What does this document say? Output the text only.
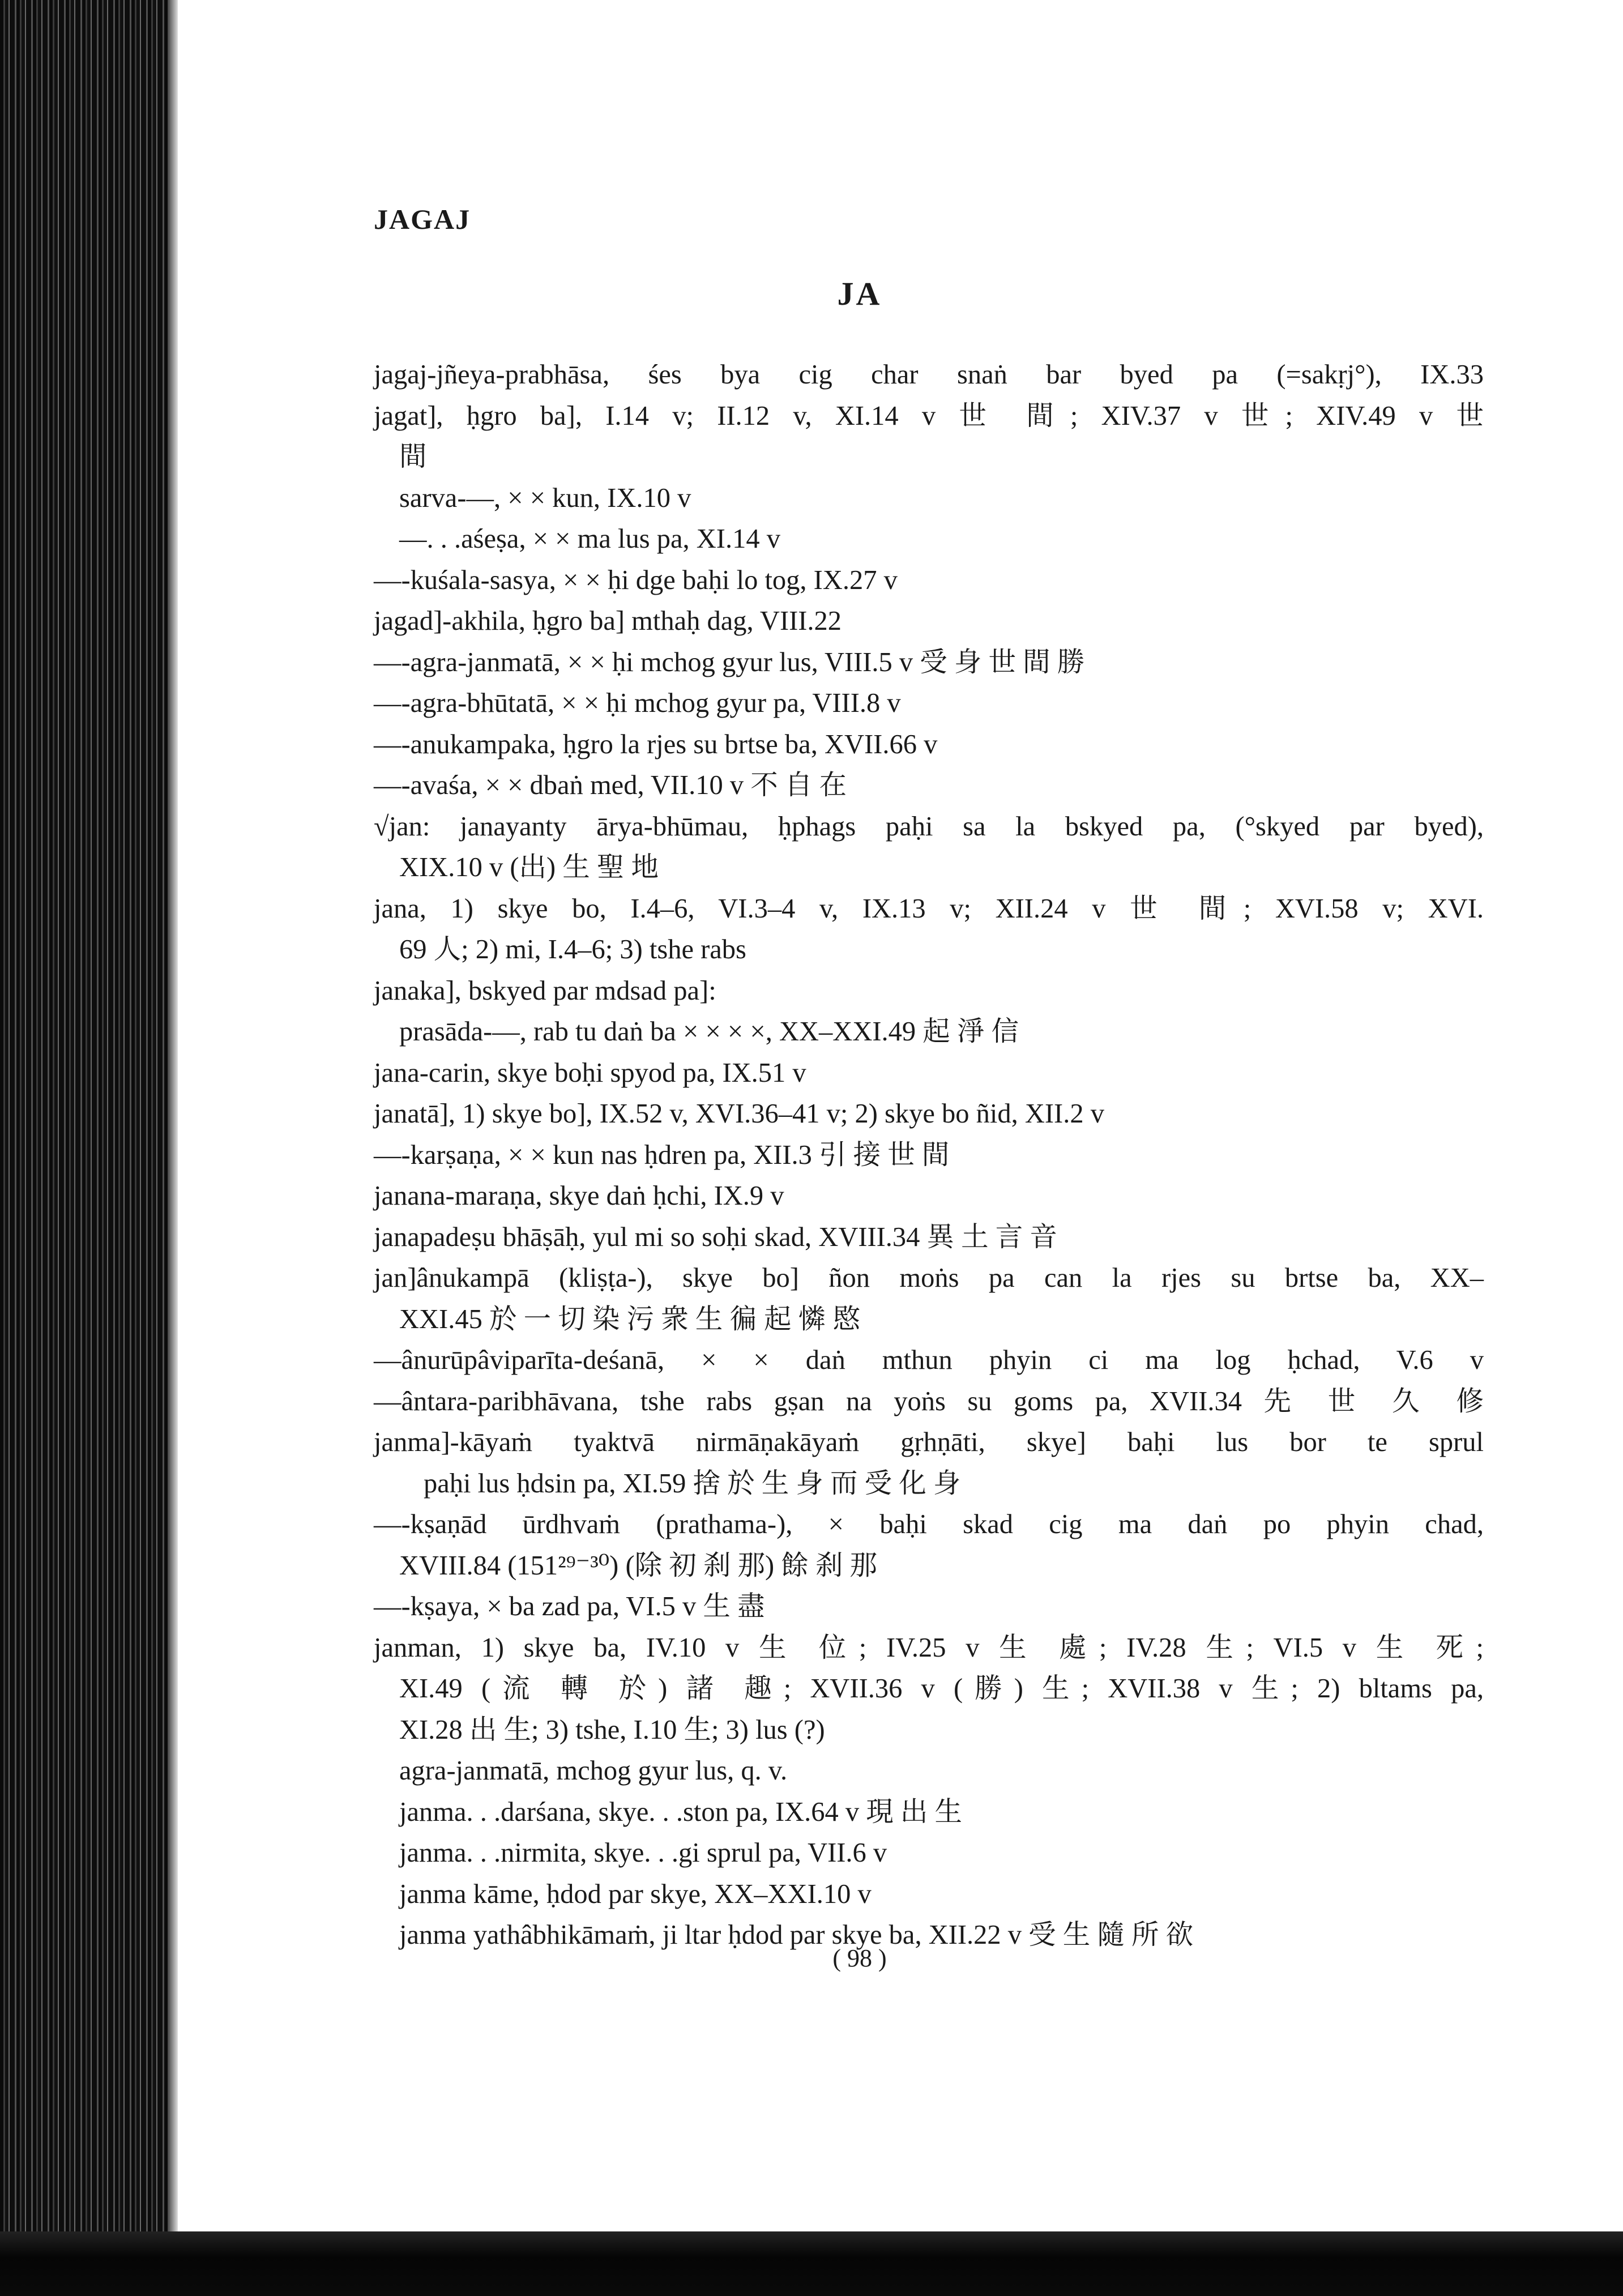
JAGAJ
JA
jagaj-jñeya-prabhāsa, śes bya cig char snaṅ bar byed pa (=sakṛj°), IX.33
jagat], ḥgro ba], I.14 v; II.12 v, XI.14 v 世 間; XIV.37 v 世; XIV.49 v 世
間
sarva-—, × × kun, IX.10 v
—. . .aśeṣa, × × ma lus pa, XI.14 v
—-kuśala-sasya, × × ḥi dge baḥi lo tog, IX.27 v
jagad]-akhila, ḥgro ba] mthaḥ dag, VIII.22
—-agra-janmatā, × × ḥi mchog gyur lus, VIII.5 v 受 身 世 間 勝
—-agra-bhūtatā, × × ḥi mchog gyur pa, VIII.8 v
—-anukampaka, ḥgro la rjes su brtse ba, XVII.66 v
—-avaśa, × × dbaṅ med, VII.10 v 不 自 在
√jan: janayanty ārya-bhūmau, ḥphags paḥi sa la bskyed pa, (°skyed par byed),
XIX.10 v (出) 生 聖 地
jana, 1) skye bo, I.4–6, VI.3–4 v, IX.13 v; XII.24 v 世 間; XVI.58 v; XVI.
69 人; 2) mi, I.4–6; 3) tshe rabs
janaka], bskyed par mdsad pa]:
prasāda-—, rab tu daṅ ba × × × ×, XX–XXI.49 起 淨 信
jana-carin, skye boḥi spyod pa, IX.51 v
janatā], 1) skye bo], IX.52 v, XVI.36–41 v; 2) skye bo ñid, XII.2 v
—-karṣaṇa, × × kun nas ḥdren pa, XII.3 引 接 世 間
janana-maraṇa, skye daṅ ḥchi, IX.9 v
janapadeṣu bhāṣāḥ, yul mi so soḥi skad, XVIII.34 異 土 言 音
jan]ânukampā (kliṣṭa-), skye bo] ñon moṅs pa can la rjes su brtse ba, XX–
XXI.45 於 一 切 染 污 衆 生 徧 起 憐 愍
—ânurūpâviparīta-deśanā, × × daṅ mthun phyin ci ma log ḥchad, V.6 v
—ântara-paribhāvana, tshe rabs gṣan na yoṅs su goms pa, XVII.34 先 世 久 修
janma]-kāyaṁ tyaktvā nirmāṇakāyaṁ gṛhṇāti, skye] baḥi lus bor te sprul
paḥi lus ḥdsin pa, XI.59 捨 於 生 身 而 受 化 身
—-kṣaṇād ūrdhvaṁ (prathama-), × baḥi skad cig ma daṅ po phyin chad,
XVIII.84 (151²⁹⁻³⁰) (除 初 刹 那) 餘 刹 那
—-kṣaya, × ba zad pa, VI.5 v 生 盡
janman, 1) skye ba, IV.10 v 生 位; IV.25 v 生 處; IV.28 生; VI.5 v 生 死;
XI.49 (流 轉 於) 諸 趣; XVII.36 v (勝) 生; XVII.38 v 生; 2) bltams pa,
XI.28 出 生; 3) tshe, I.10 生; 3) lus (?)
agra-janmatā, mchog gyur lus, q. v.
janma. . .darśana, skye. . .ston pa, IX.64 v 現 出 生
janma. . .nirmita, skye. . .gi sprul pa, VII.6 v
janma kāme, ḥdod par skye, XX–XXI.10 v
janma yathâbhikāmaṁ, ji ltar ḥdod par skye ba, XII.22 v 受 生 隨 所 欲
( 98 )
